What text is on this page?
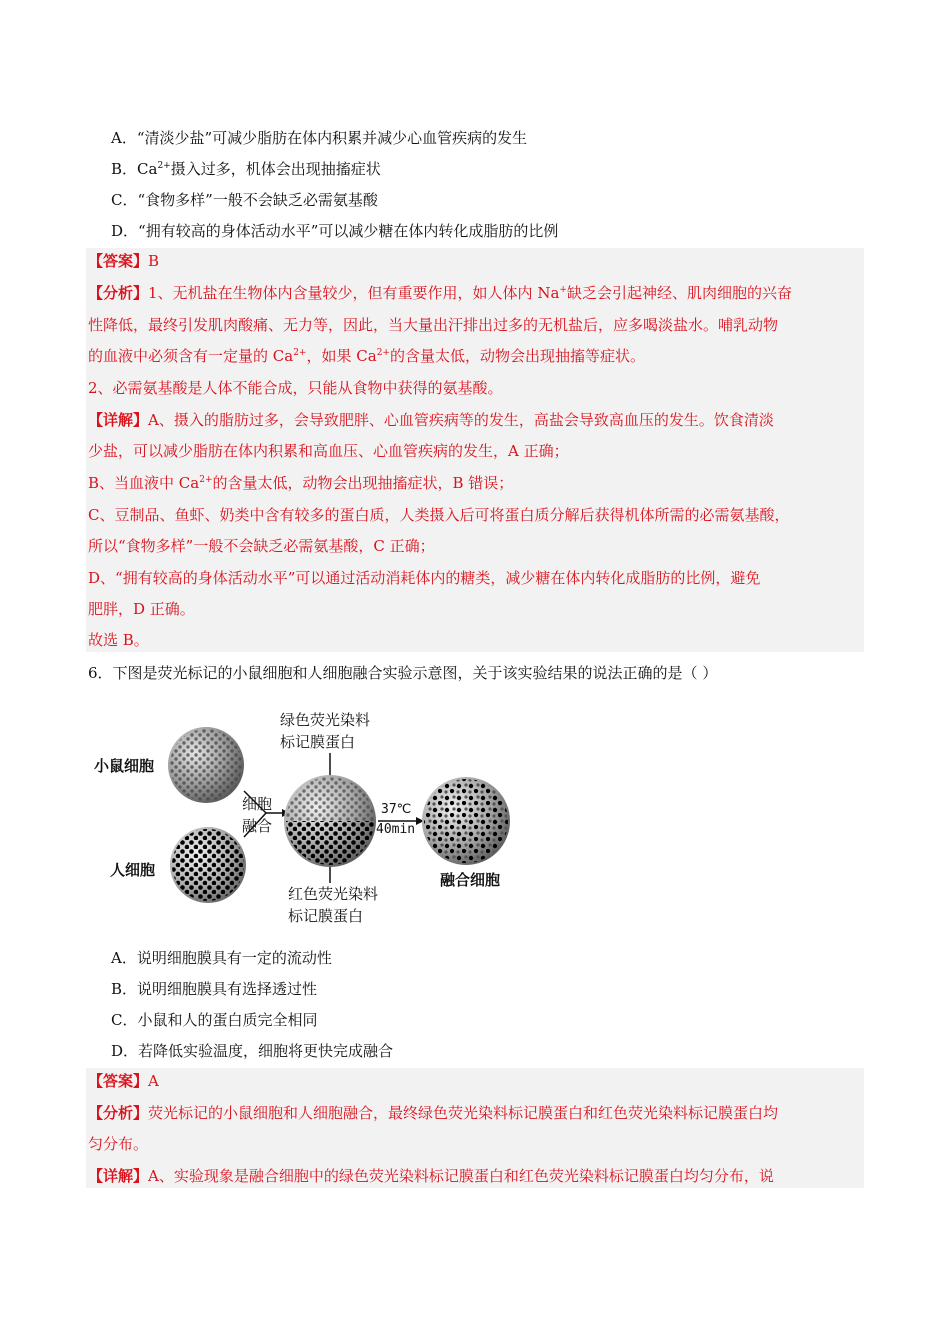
A．“清淡少盐”可减少脂肪在体内积累并减少心血管疾病的发生
B．$Ca^{2+}$摄入过多，机体会出现抽搐症状
C．“食物多样”一般不会缺乏必需氨基酸
D．“拥有较高的身体活动水平”可以减少糖在体内转化成脂肪的比例
【答案】B
【分析】1、无机盐在生物体内含量较少，但有重要作用，如人体内 Na+缺乏会引起神经、肌肉细胞的兴奋
性降低，最终引发肌肉酸痛、无力等，因此，当大量出汗排出过多的无机盐后，应多喝淡盐水。哺乳动物
的血液中必须含有一定量的 $Ca^{2+}$，如果 $Ca^{2+}$的含量太低，动物会出现抽搐等症状。
2、必需氨基酸是人体不能合成，只能从食物中获得的氨基酸。
【详解】A、摄入的脂肪过多，会导致肥胖、心血管疾病等的发生，高盐会导致高血压的发生。饮食清淡
少盐，可以减少脂肪在体内积累和高血压、心血管疾病的发生，A 正确；
B、当血液中 $Ca^{2+}$的含量太低，动物会出现抽搐症状，B 错误；
C、豆制品、鱼虾、奶类中含有较多的蛋白质，人类摄入后可将蛋白质分解后获得机体所需的必需氨基酸，
所以“食物多样”一般不会缺乏必需氨基酸，C 正确；
D、“拥有较高的身体活动水平”可以通过活动消耗体内的糖类，减少糖在体内转化成脂肪的比例，避免
肥胖，D 正确。
故选 B。
6．下图是荧光标记的小鼠细胞和人细胞融合实验示意图，关于该实验结果的说法正确的是（ ）
绿色荧光染料
标记膜蛋白
小鼠细胞
人细胞
细胞
融合
37℃
40min
红色荧光染料
标记膜蛋白
融合细胞
A．说明细胞膜具有一定的流动性
B．说明细胞膜具有选择透过性
C．小鼠和人的蛋白质完全相同
D．若降低实验温度，细胞将更快完成融合
【答案】A
【分析】荧光标记的小鼠细胞和人细胞融合，最终绿色荧光染料标记膜蛋白和红色荧光染料标记膜蛋白均
匀分布。
【详解】A、实验现象是融合细胞中的绿色荧光染料标记膜蛋白和红色荧光染料标记膜蛋白均匀分布，说
